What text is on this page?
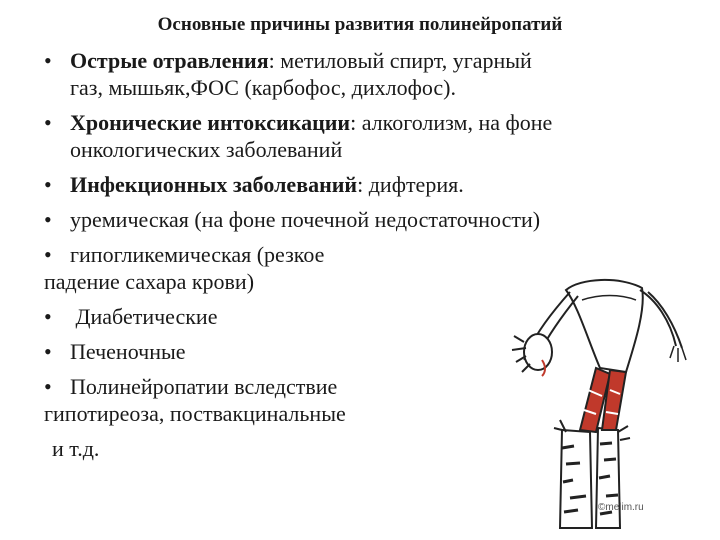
Основные причины развития полинейропатий
• Острые отравления: метиловый спирт, угарный
газ, мышьяк,ФОС (карбофос, дихлофос).
• Хронические интоксикации: алкоголизм, на фоне
онкологических заболеваний
• Инфекционных заболеваний: дифтерия.
• уремическая (на фоне почечной недостаточности)
• гипогликемическая (резкое
падение сахара крови)
•  Диабетические
• Печеночные
• Полинейропатии вследствие
гипотиреоза, поствакцинальные
и т.д.
©melim.ru
